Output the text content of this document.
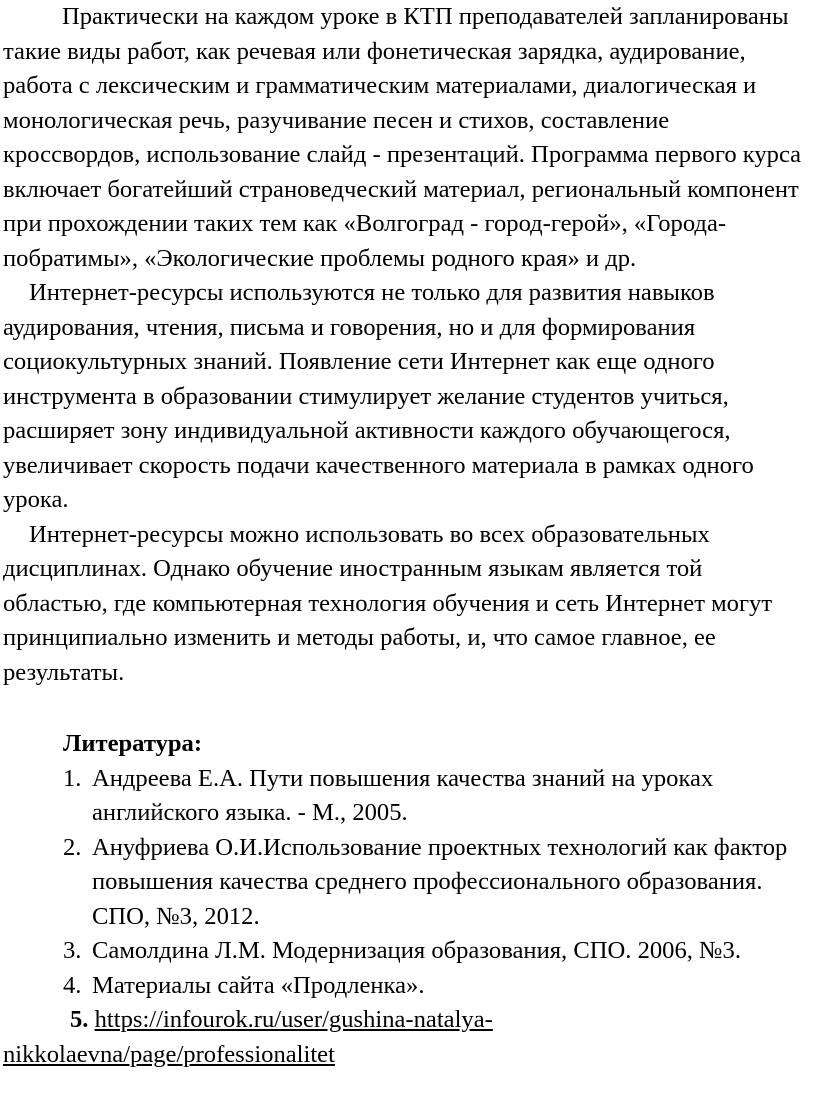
Практически на каждом уроке в КТП преподавателей запланированы такие виды работ, как речевая или фонетическая зарядка, аудирование, работа с лексическим и грамматическим материалами, диалогическая и монологическая речь, разучивание песен и стихов, составление кроссвордов, использование слайд - презентаций. Программа первого курса включает богатейший страноведческий материал, региональный компонент при прохождении таких тем как «Волгоград - город-герой», «Города-побратимы», «Экологические проблемы родного края» и др.

Интернет-ресурсы используются не только для развития навыков аудирования, чтения, письма и говорения, но и для формирования социокультурных знаний. Появление сети Интернет как еще одного инструмента в образовании стимулирует желание студентов учиться, расширяет зону индивидуальной активности каждого обучающегося, увеличивает скорость подачи качественного материала в рамках одного урока.

Интернет-ресурсы можно использовать во всех образовательных дисциплинах. Однако обучение иностранным языкам является той областью, где компьютерная технология обучения и сеть Интернет могут принципиально изменить и методы работы, и, что самое главное, ее результаты.

Литература:
1. Андреева Е.А. Пути повышения качества знаний на уроках английского языка. - М., 2005.
2. Ануфриева О.И.Использование проектных технологий как фактор повышения качества среднего профессионального образования. СПО, №3, 2012.
3. Самолдина Л.М. Модернизация образования, СПО. 2006, №3.
4. Материалы сайта «Продленка».
5. https://infourok.ru/user/gushina-natalya-nikkolaevna/page/professionalitet
